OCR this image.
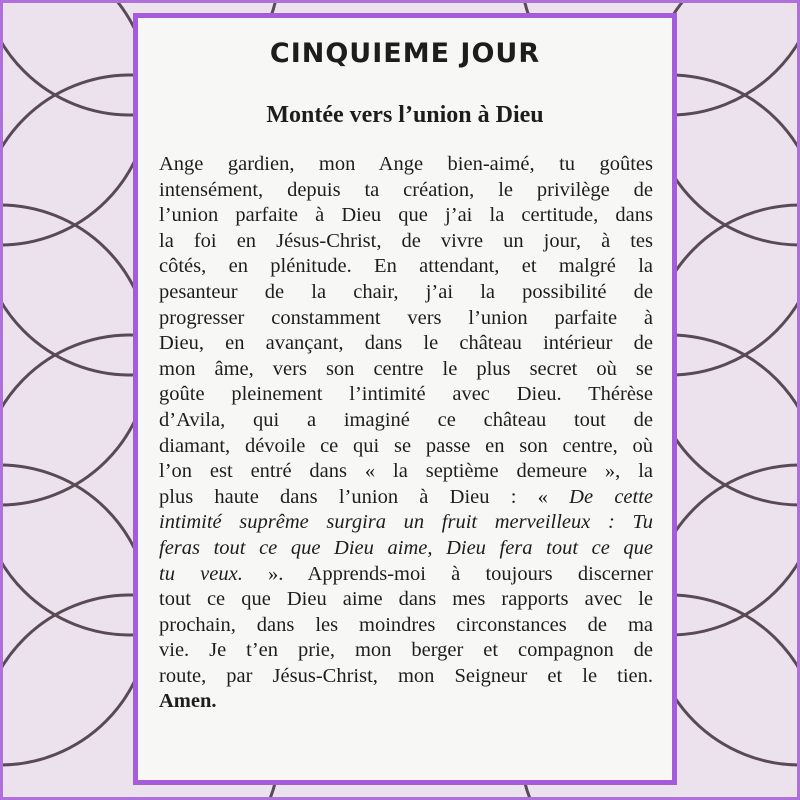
CINQUIEME JOUR
Montée vers l’union à Dieu
Ange gardien, mon Ange bien-aimé, tu goûtes
intensément, depuis ta création, le privilège de
l’union parfaite à Dieu que j’ai la certitude, dans
la foi en Jésus-Christ, de vivre un jour, à tes
côtés, en plénitude. En attendant, et malgré la
pesanteur de la chair, j’ai la possibilité de
progresser constamment vers l’union parfaite à
Dieu, en avançant, dans le château intérieur de
mon âme, vers son centre le plus secret où se
goûte pleinement l’intimité avec Dieu. Thérèse
d’Avila, qui a imaginé ce château tout de
diamant, dévoile ce qui se passe en son centre, où
l’on est entré dans « la septième demeure », la
plus haute dans l’union à Dieu : « De cette
intimité suprême surgira un fruit merveilleux : Tu
feras tout ce que Dieu aime, Dieu fera tout ce que
tu veux. ». Apprends-moi à toujours discerner
tout ce que Dieu aime dans mes rapports avec le
prochain, dans les moindres circonstances de ma
vie. Je t’en prie, mon berger et compagnon de
route, par Jésus-Christ, mon Seigneur et le tien.
Amen.
